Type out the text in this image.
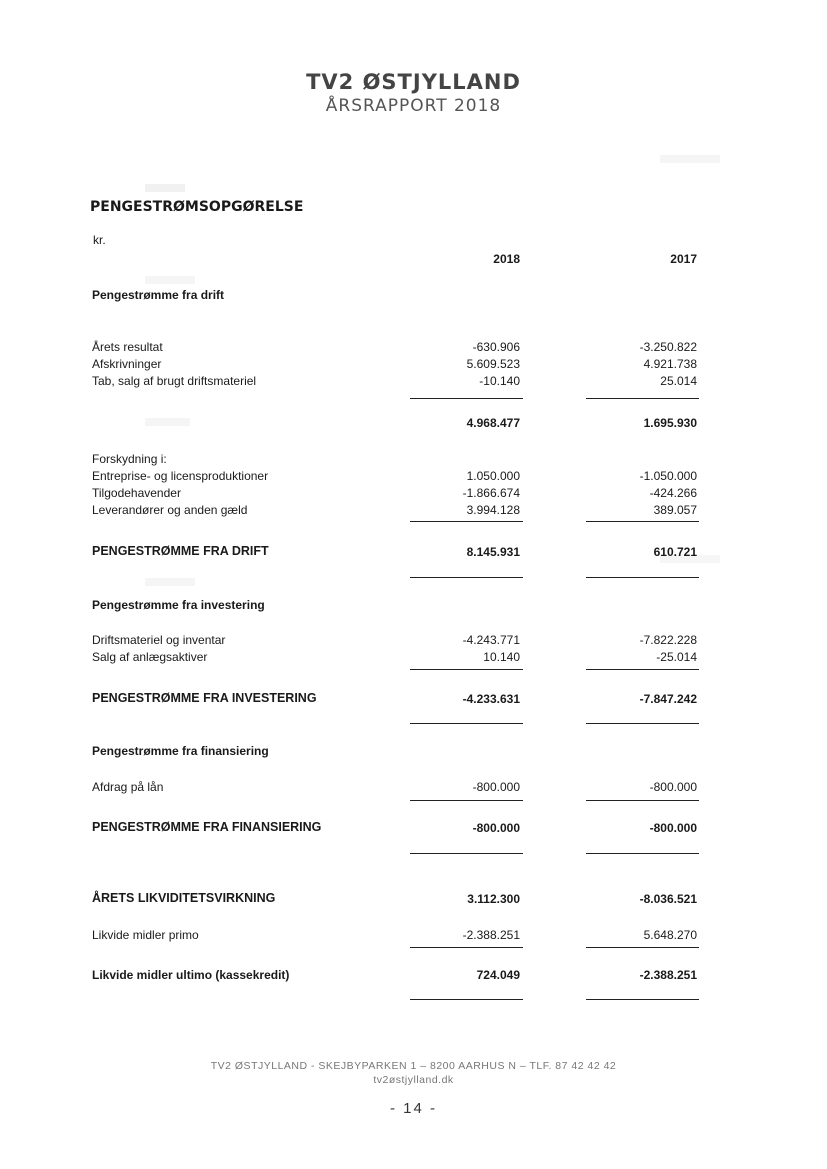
TV2 ØSTJYLLAND
ÅRSRAPPORT 2018
PENGESTRØMSOPGØRELSE
kr.
2018	2017
Pengestrømme fra drift
Årets resultat	-630.906	-3.250.822
Afskrivninger	5.609.523	4.921.738
Tab, salg af brugt driftsmateriel	-10.140	25.014
4.968.477	1.695.930
Forskydning i:
Entreprise- og licensproduktioner	1.050.000	-1.050.000
Tilgodehavender	-1.866.674	-424.266
Leverandører og anden gæld	3.994.128	389.057
PENGESTRØMME FRA DRIFT	8.145.931	610.721
Pengestrømme fra investering
Driftsmateriel og inventar	-4.243.771	-7.822.228
Salg af anlægsaktiver	10.140	-25.014
PENGESTRØMME FRA INVESTERING	-4.233.631	-7.847.242
Pengestrømme fra finansiering
Afdrag på lån	-800.000	-800.000
PENGESTRØMME FRA FINANSIERING	-800.000	-800.000
ÅRETS LIKVIDITETSVIRKNING	3.112.300	-8.036.521
Likvide midler primo	-2.388.251	5.648.270
Likvide midler ultimo (kassekredit)	724.049	-2.388.251
TV2 ØSTJYLLAND - SKEJBYPARKEN 1 – 8200 AARHUS N – TLF. 87 42 42 42
tv2østjylland.dk
- 14 -
